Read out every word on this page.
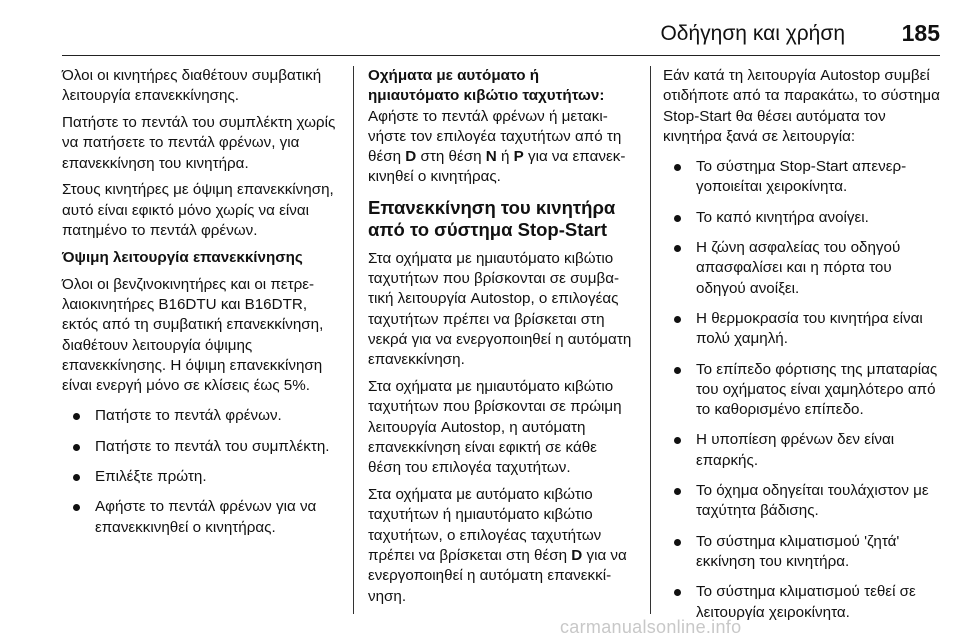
Οδήγηση και χρήση 185

Όλοι οι κινητήρες διαθέτουν συμβατική λειτουργία επανεκκίνησης.

Πατήστε το πεντάλ του συμπλέκτη χωρίς να πατήσετε το πεντάλ φρένων, για επανεκκίνηση του κινητήρα.

Στους κινητήρες με όψιμη επανεκκίνηση, αυτό είναι εφικτό μόνο χωρίς να είναι πατημένο το πεντάλ φρένων.

Όψιμη λειτουργία επανεκκίνησης

Όλοι οι βενζινοκινητήρες και οι πετρελαιοκινητήρες B16DTU και B16DTR, εκτός από τη συμβατική επανεκκίνηση, διαθέτουν λειτουργία όψιμης επανεκκίνησης. Η όψιμη επανεκκίνηση είναι ενεργή μόνο σε κλίσεις έως 5%.

Πατήστε το πεντάλ φρένων.
Πατήστε το πεντάλ του συμπλέκτη.
Επιλέξτε πρώτη.
Αφήστε το πεντάλ φρένων για να επανεκκινηθεί ο κινητήρας.

Οχήματα με αυτόματο ή ημιαυτόματο κιβώτιο ταχυτήτων:

Αφήστε το πεντάλ φρένων ή μετακινήστε τον επιλογέα ταχυτήτων από τη θέση D στη θέση N ή P για να επανεκκινηθεί ο κινητήρας.

Επανεκκίνηση του κινητήρα από το σύστημα Stop-Start

Στα οχήματα με ημιαυτόματο κιβώτιο ταχυτήτων που βρίσκονται σε συμβατική λειτουργία Autostop, ο επιλογέας ταχυτήτων πρέπει να βρίσκεται στη νεκρά για να ενεργοποιηθεί η αυτόματη επανεκκίνηση.

Στα οχήματα με ημιαυτόματο κιβώτιο ταχυτήτων που βρίσκονται σε πρώιμη λειτουργία Autostop, η αυτόματη επανεκκίνηση είναι εφικτή σε κάθε θέση του επιλογέα ταχυτήτων.

Στα οχήματα με αυτόματο κιβώτιο ταχυτήτων ή ημιαυτόματο κιβώτιο ταχυτήτων, ο επιλογέας ταχυτήτων πρέπει να βρίσκεται στη θέση D για να ενεργοποιηθεί η αυτόματη επανεκκίνηση.

Εάν κατά τη λειτουργία Autostop συμβεί οτιδήποτε από τα παρακάτω, το σύστημα Stop-Start θα θέσει αυτόματα τον κινητήρα ξανά σε λειτουργία:

Το σύστημα Stop-Start απενεργοποιείται χειροκίνητα.
Το καπό κινητήρα ανοίγει.
Η ζώνη ασφαλείας του οδηγού απασφαλίσει και η πόρτα του οδηγού ανοίξει.
Η θερμοκρασία του κινητήρα είναι πολύ χαμηλή.
Το επίπεδο φόρτισης της μπαταρίας του οχήματος είναι χαμηλότερο από το καθορισμένο επίπεδο.
Η υποπίεση φρένων δεν είναι επαρκής.
Το όχημα οδηγείται τουλάχιστον με ταχύτητα βάδισης.
Το σύστημα κλιματισμού 'ζητά' εκκίνηση του κινητήρα.
Το σύστημα κλιματισμού τεθεί σε λειτουργία χειροκίνητα.
carmanualsonline.info
